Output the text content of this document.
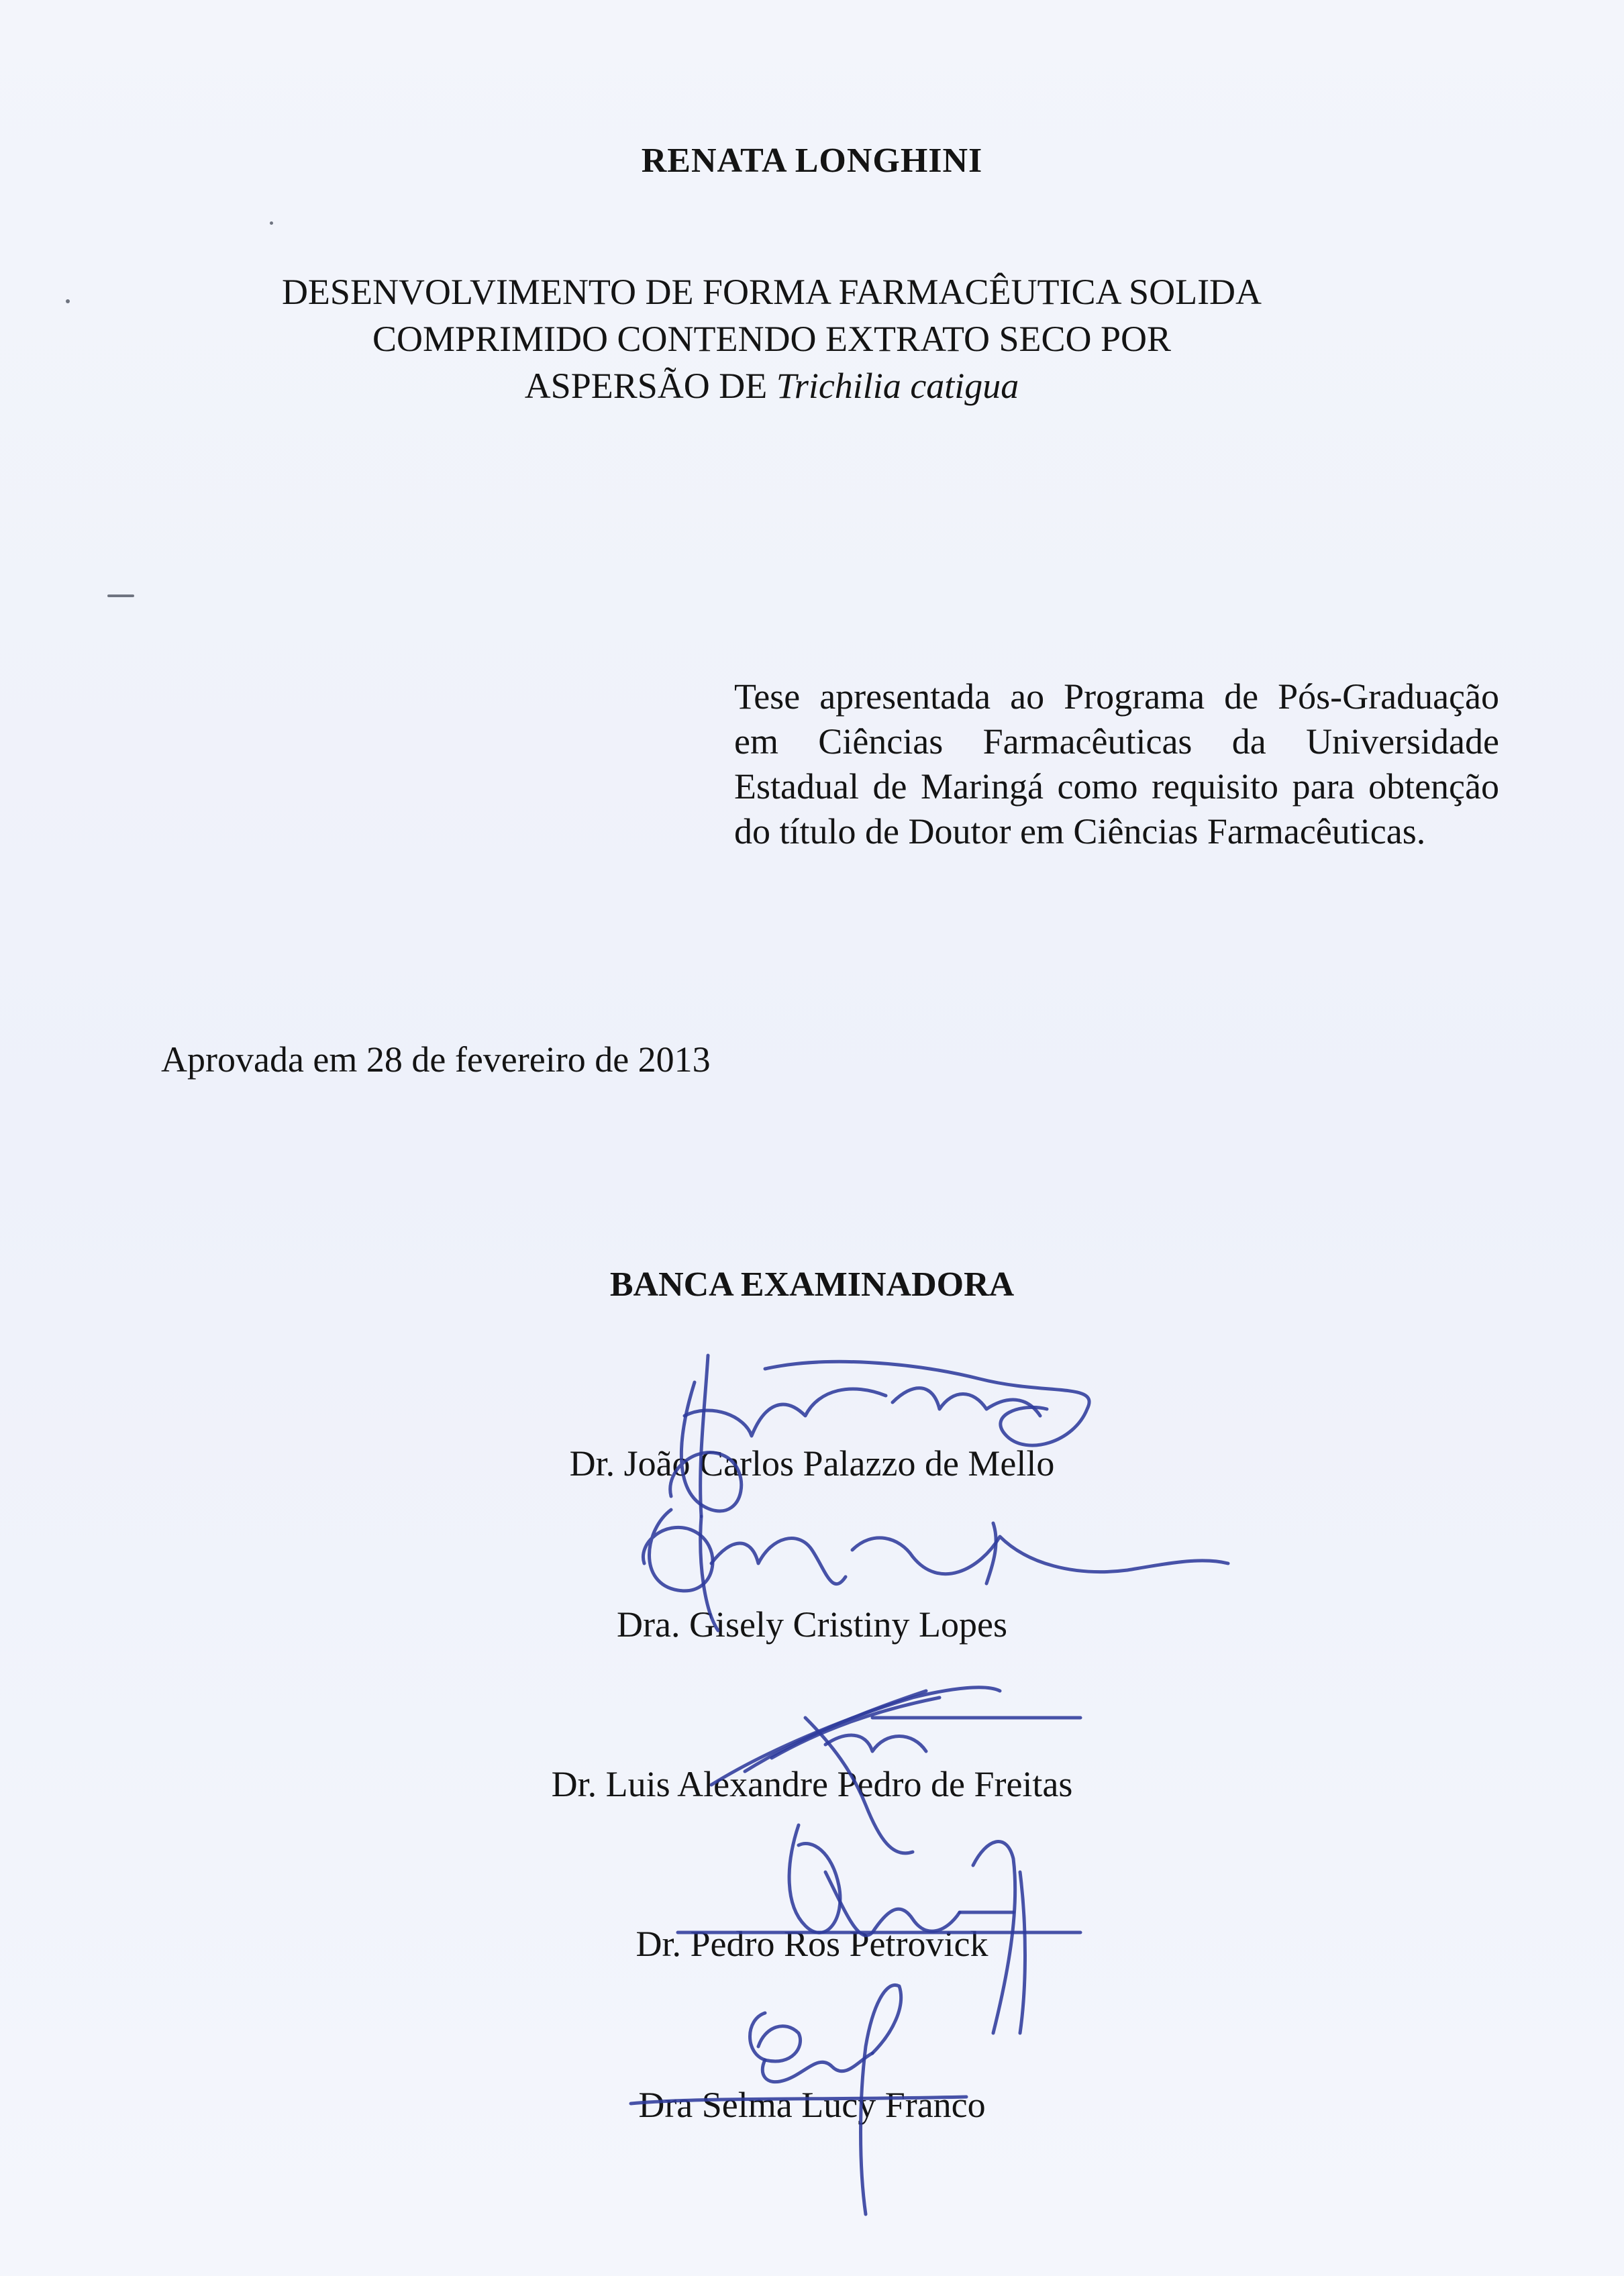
RENATA LONGHINI
DESENVOLVIMENTO DE FORMA FARMACÊUTICA SOLIDA
COMPRIMIDO CONTENDO EXTRATO SECO POR
ASPERSÃO DE Trichilia catigua
Tese apresentada ao Programa de Pós-Graduação em Ciências Farmacêuticas da Universidade Estadual de Maringá como requisito para obtenção do título de Doutor em Ciências Farmacêuticas.
Aprovada em 28 de fevereiro de 2013
BANCA EXAMINADORA
Dr. João Carlos Palazzo de Mello
Dra. Gisely Cristiny Lopes
Dr. Luis Alexandre Pedro de Freitas
Dr. Pedro Ros Petrovick
Dra Selma Lucy Franco
